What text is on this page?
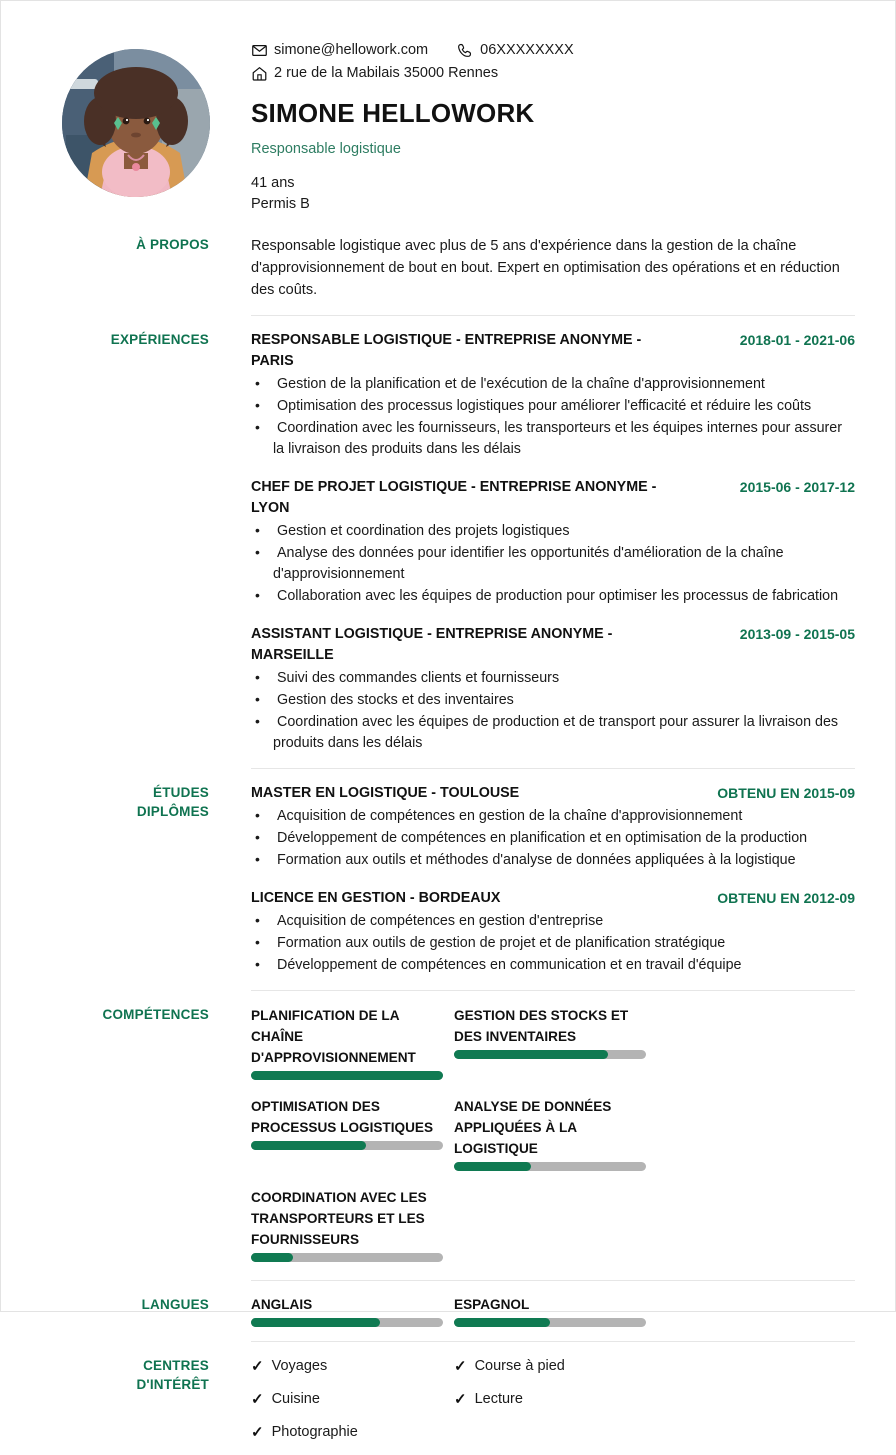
simone@hellowork.com	06XXXXXXXX
2 rue de la Mabilais 35000 Rennes
SIMONE HELLOWORK
Responsable logistique
41 ans
Permis B
À PROPOS	Responsable logistique avec plus de 5 ans d'expérience dans la gestion de la chaîne d'approvisionnement de bout en bout. Expert en optimisation des opérations et en réduction des coûts.
EXPÉRIENCES	RESPONSABLE LOGISTIQUE - ENTREPRISE ANONYME - PARIS
2018-01 - 2021-06
• Gestion de la planification et de l'exécution de la chaîne d'approvisionnement
• Optimisation des processus logistiques pour améliorer l'efficacité et réduire les coûts
• Coordination avec les fournisseurs, les transporteurs et les équipes internes pour assurer la livraison des produits dans les délais
CHEF DE PROJET LOGISTIQUE - ENTREPRISE ANONYME - LYON
2015-06 - 2017-12
• Gestion et coordination des projets logistiques
• Analyse des données pour identifier les opportunités d'amélioration de la chaîne d'approvisionnement
• Collaboration avec les équipes de production pour optimiser les processus de fabrication
ASSISTANT LOGISTIQUE - ENTREPRISE ANONYME - MARSEILLE
2013-09 - 2015-05
• Suivi des commandes clients et fournisseurs
• Gestion des stocks et des inventaires
• Coordination avec les équipes de production et de transport pour assurer la livraison des produits dans les délais
ÉTUDES
DIPLÔMES
MASTER EN LOGISTIQUE - TOULOUSE	OBTENU EN 2015-09
• Acquisition de compétences en gestion de la chaîne d'approvisionnement
• Développement de compétences en planification et en optimisation de la production
• Formation aux outils et méthodes d'analyse de données appliquées à la logistique
LICENCE EN GESTION - BORDEAUX	OBTENU EN 2012-09
• Acquisition de compétences en gestion d'entreprise
• Formation aux outils de gestion de projet et de planification stratégique
• Développement de compétences en communication et en travail d'équipe
COMPÉTENCES	PLANIFICATION DE LA CHAÎNE D'APPROVISIONNEMENT
GESTION DES STOCKS ET DES INVENTAIRES
OPTIMISATION DES PROCESSUS LOGISTIQUES
ANALYSE DE DONNÉES APPLIQUÉES À LA LOGISTIQUE
COORDINATION AVEC LES TRANSPORTEURS ET LES FOURNISSEURS
LANGUES	ANGLAIS	ESPAGNOL
CENTRES
D'INTÉRÊT
✓ Voyages	✓ Course à pied
✓ Cuisine	✓ Lecture
✓ Photographie
